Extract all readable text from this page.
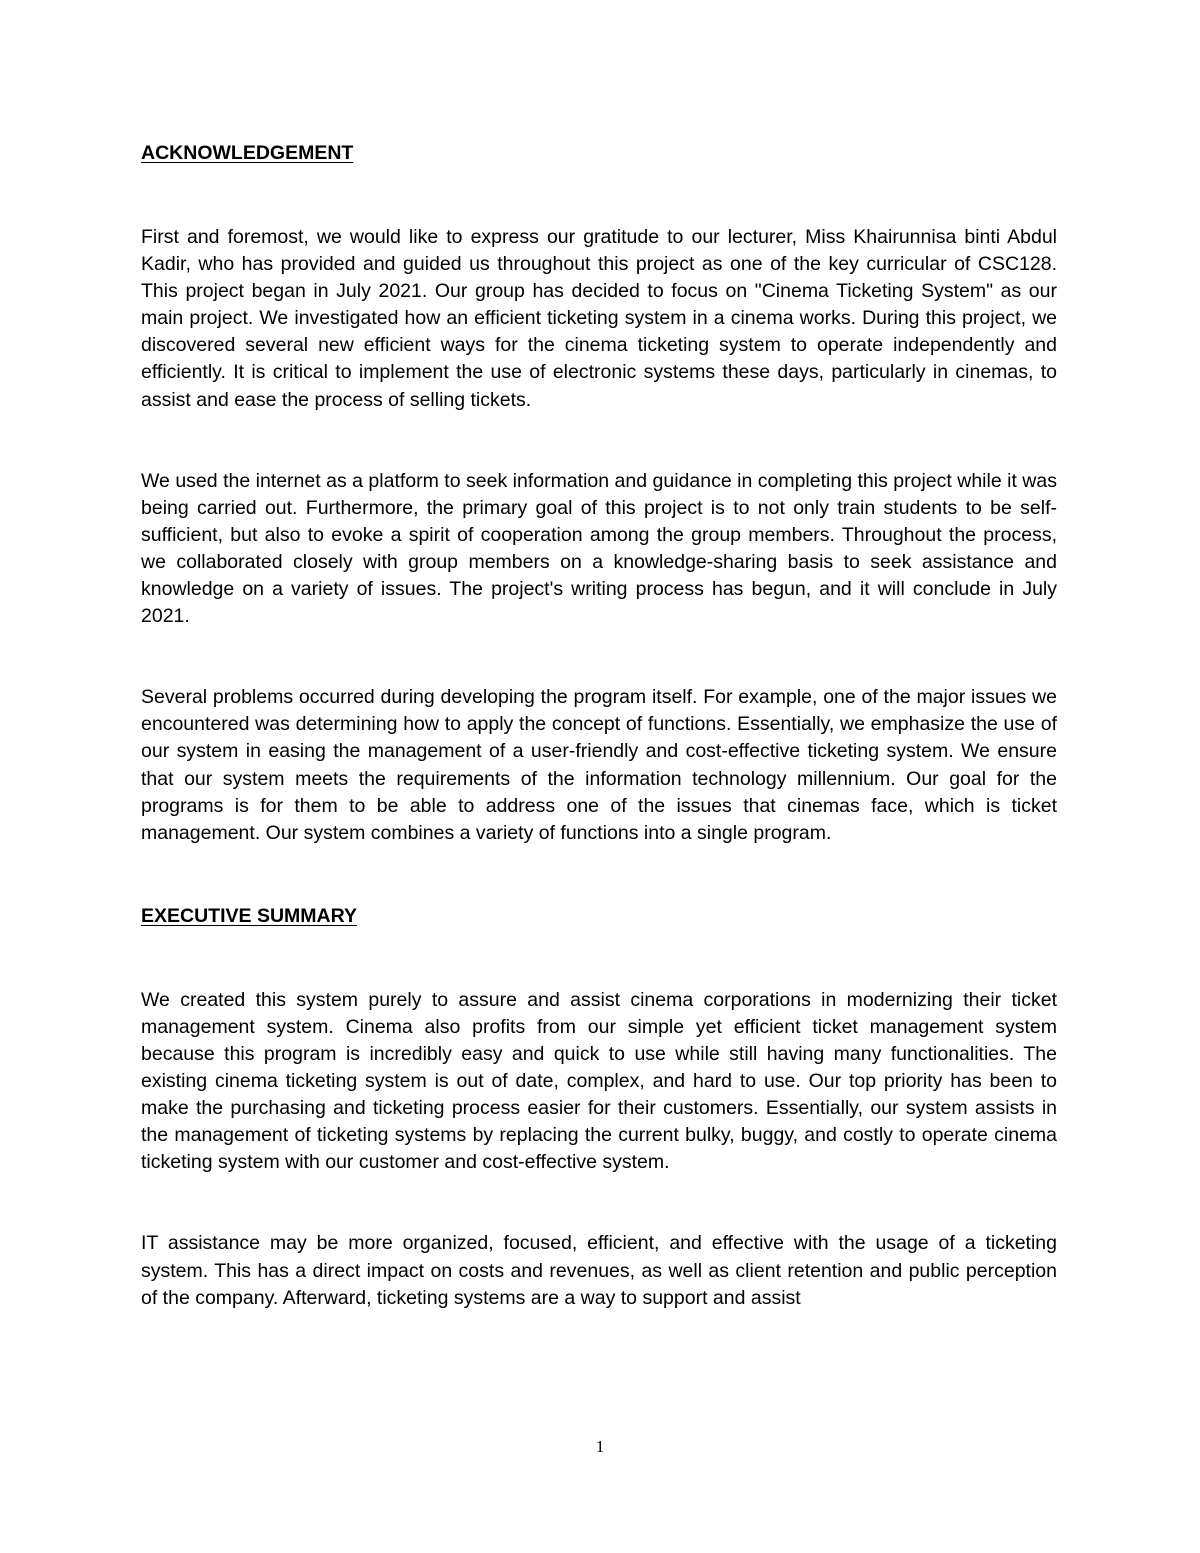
ACKNOWLEDGEMENT

First and foremost, we would like to express our gratitude to our lecturer, Miss Khairunnisa binti Abdul Kadir, who has provided and guided us throughout this project as one of the key curricular of CSC128. This project began in July 2021. Our group has decided to focus on "Cinema Ticketing System" as our main project. We investigated how an efficient ticketing system in a cinema works. During this project, we discovered several new efficient ways for the cinema ticketing system to operate independently and efficiently. It is critical to implement the use of electronic systems these days, particularly in cinemas, to assist and ease the process of selling tickets.

We used the internet as a platform to seek information and guidance in completing this project while it was being carried out. Furthermore, the primary goal of this project is to not only train students to be self-sufficient, but also to evoke a spirit of cooperation among the group members. Throughout the process, we collaborated closely with group members on a knowledge-sharing basis to seek assistance and knowledge on a variety of issues. The project's writing process has begun, and it will conclude in July 2021.

Several problems occurred during developing the program itself. For example, one of the major issues we encountered was determining how to apply the concept of functions. Essentially, we emphasize the use of our system in easing the management of a user-friendly and cost-effective ticketing system. We ensure that our system meets the requirements of the information technology millennium. Our goal for the programs is for them to be able to address one of the issues that cinemas face, which is ticket management. Our system combines a variety of functions into a single program.

EXECUTIVE SUMMARY

We created this system purely to assure and assist cinema corporations in modernizing their ticket management system. Cinema also profits from our simple yet efficient ticket management system because this program is incredibly easy and quick to use while still having many functionalities. The existing cinema ticketing system is out of date, complex, and hard to use. Our top priority has been to make the purchasing and ticketing process easier for their customers. Essentially, our system assists in the management of ticketing systems by replacing the current bulky, buggy, and costly to operate cinema ticketing system with our customer and cost-effective system.

IT assistance may be more organized, focused, efficient, and effective with the usage of a ticketing system. This has a direct impact on costs and revenues, as well as client retention and public perception of the company. Afterward, ticketing systems are a way to support and assist

1
